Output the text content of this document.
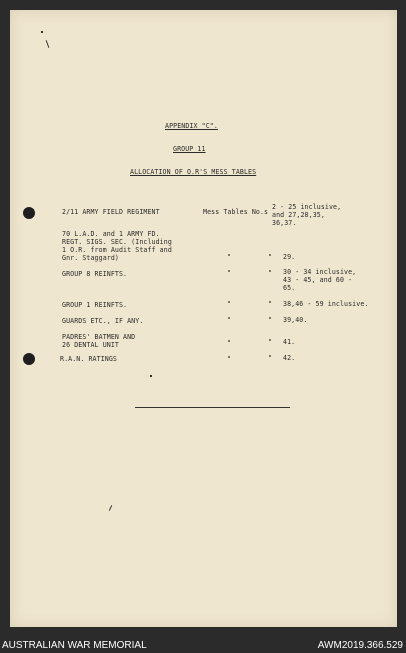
APPENDIX "C".
GROUP 11
ALLOCATION OF O.R'S MESS TABLES
2/11 ARMY FIELD REGIMENT	Mess Tables No.s
2 - 25 inclusive,
and 27,28,35,
36,37.
70 L.A.D. and 1 ARMY FD.
REGT. SIGS. SEC. (Including
1 O.R. from Audit Staff and
Gnr. Staggard)	"	" 29.
GROUP 8 REINFTS.	"	" 30 - 34 inclusive,
43 - 45, and 60 -
65.
GROUP 1 REINFTS.	"	" 38,46 - 59 inclusive.
GUARDS ETC., IF ANY.	"	" 39,40.
PADRES' BATMEN AND
26 DENTAL UNIT	"	" 41.
R.A.N. RATINGS	"	" 42.
AUSTRALIAN WAR MEMORIAL	AWM2019.366.529
